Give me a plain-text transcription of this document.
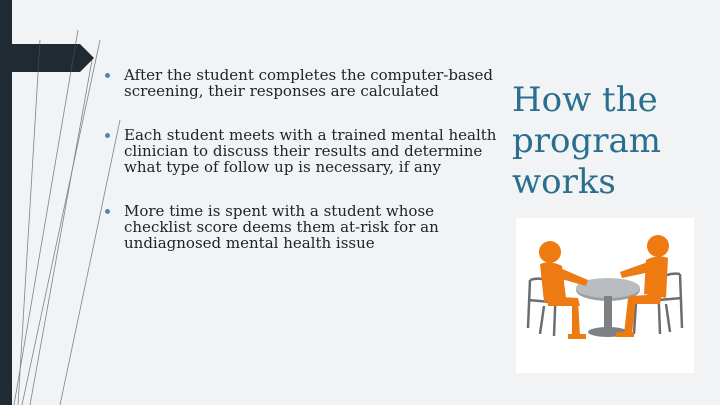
After the student completes the computer-based screening, their responses are calculated
Each student meets with a trained mental health clinician to discuss their results and determine what type of follow up is necessary, if any
More time is spent with a student whose checklist score deems them at-risk for an undiagnosed mental health issue
How the
program
works
